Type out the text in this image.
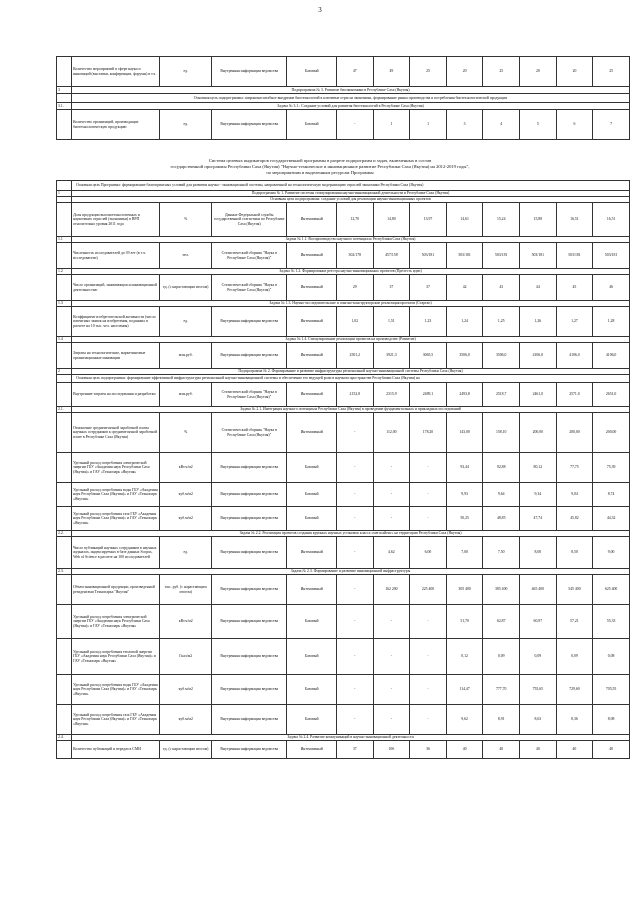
3
	Количество мероприятий в сфере науки и инноваций (выставки, конференции, форумы) в т.ч.	ед.	Внутренняя информация ведомства	Базовый	47	49	25	20	25	20	20	25
3	Подпрограмма № 3. Развитие биоэкономики в Республике Саха (Якутия)											
	Основная цель подпрограммы: широкомасштабное внедрение биотехнологий в ключевые отрасли экономики, формирование рынка производства и потребления биотехнологической продукции											
3.1.	Задача № 3.1.: Создание условий для развития биотехнологий в Республике Саха (Якутия)											
	Количество организаций, производящих биотехнологическую продукцию	ед.	Внутренняя информация ведомства	Базовый	-	1	1	3	4	5	6	7
Система целевых индикаторов государственной программы в разрезе подпрограмм и задач, включенных в состав
государственной программы Республики Саха (Якутия) "Научно-техническое и инновационное развитие Республики Саха (Якутия) на 2012-2019 годы",
по мероприятиям и выделенным ресурсам Программы
	Основная цель Программы: формирование благоприятных условий для развития научно - инновационной системы, направленной на технологическую модернизацию отраслей экономики Республики Саха (Якутия)											
1	Подпрограмма № 1. Развитие системы стимулирования научно-инновационной деятельности в Республике Саха (Якутия)											
	Основная цель подпрограммы: создание условий для реализации научно-инновационных проектов											
	Доля продукции высокотехнологичных и наукоемких отраслей (экономики) в ВРП относительно уровня 2011 года	%	Данные Федеральной службы государственной статистики по Республике Саха (Якутия)	Интенсивный	12,70	14,80	13,97	14,61	15,24	15,88	16,51	16,51
1.1	Задача № 1.1. Воспроизводство научного потенциала Республики Саха (Якутия)											
	Численность исследователей до 39 лет (в т.ч. исследователи)	чел.	Статистический сборник "Наука в Республике Саха (Якутия)"	Интенсивный	302/178	457/158	503/181	503/181	503/181	503/181	503/181	503/181
1.2	Задача № 1.2. Формирование реестра научно-инновационных проектов (Прелесть идеи)											
	Число организаций, занимающихся инновационной деятельностью	ед. (с нарастающим итогом)	Статистический сборник "Наука в Республике Саха (Якутия)"	Интенсивный	29	37	37	42	43	44	45	46
1.3	Задача № 1.3. Научно-исследовательские и опытно-конструкторские реализация проектов (Стартап)											
	Коэффициент изобретательской активности (число патентных заявок на изобретения, поданных в расчете на 10 тыс. чел. населения)	ед.	Внутренняя информация ведомства	Интенсивный	1,02	1,51	1,23	1,24	1,25	1,26	1,27	1,28
1.4	Задача № 1.4. Стимулирование реализации проектов на производстве (Развитие)											
	Затраты на технологические, маркетинговые организационные инновации	млн.руб.	Внутренняя информация ведомства	Интенсивный	2501,2	3921,3	3065,5	3506,0	3506,0	4106,0	4106,0	4106,0
2	Подпрограмма № 2. Формирование и развитие инфраструктуры региональной научно-инновационной системы Республики Саха (Якутия)											
	Основная цель подпрограммы: формирование эффективной инфраструктуры региональной научно-инновационной системы и обеспечение его ведущей роли в научном пространстве Республики Саха (Якутия) на											
	Внутренние затраты на исследования и разработки	млн.руб.	Статистический сборник "Наука в Республике Саха (Якутия)"	Интенсивный	2152,8	2315,9	2489,1	2493,8	2518,7	2461,0	2571,0	2651,0
2.1.	Задача № 2.1. Интеграция научного потенциала Республики Саха (Якутия) в проведение фундаментальных и прикладных исследований											
	Отношение среднемесячной заработной платы научных сотрудников к среднемесячной заработной плате в Республике Саха (Якутия)	%	Статистический сборник "Наука в Республике Саха (Якутия)"	Интенсивный	-	112,00	178,20	143,00	158,10	200,00	200,00	200,00
	Удельный расход потребления электрической энергии ГБУ «Академия наук Республики Саха (Якутия)» и ГАУ «Технопарк «Якутия»	кВт.ч/м2	Внутренняя информация ведомства	Базовый	-	-	-	93,44	92,88	80,12	77,75	75,39
	Удельный расход потребления воды ГБУ «Академия наук Республики Саха (Якутия)» и ГАУ «Технопарк «Якутия»	куб.м/м2	Внутренняя информация ведомства	Базовый	-	-	-	9,93	9,64	9,34	9,04	8,74
	Удельный расход потребления газа ГБУ «Академия наук Республики Саха (Якутия)» и ГАУ «Технопарк «Якутия»	куб.м/м2	Внутренняя информация ведомства	Базовый	-	-	-	50,25	48,85	47,74	45,82	44,32
2.2.	Задача № 2.2. Реализация проектов создания крупных научных установок класса «мегасайенс» на территории Республики Саха (Якутия)											
	Число публикаций научных сотрудников в научных журналах, индексируемых в базе данных Scopus, Web of Science в расчете на 100 исследователей	ед.	Внутренняя информация ведомства	Интенсивный	-	4,62	6,00	7,00	7,50	8,00	8,50	9,00
2.3.	Задача № 2.3. Формирование и развитие инновационной инфраструктуры											
	Объем инновационной продукции, произведенной резидентами Технопарка "Якутия"	тыс. руб. (с нарастающим итогом)	Внутренняя информация ведомства	Интенсивный	-	162 200	225 400	305 400	385 400	465 400	545 400	625 400
	Удельный расход потребления электрической энергии ГБУ «Академия наук Республики Саха (Якутия)» и ГАУ «Технопарк «Якутия»	кВт.ч/м2	Внутренняя информация ведомства	Базовый	-	-	-	51,70	62,87	60,97	57,21	55,33
	Удельный расход потребления тепловой энергии ГБУ «Академия наук Республики Саха (Якутия)» и ГАУ «Технопарк «Якутия»	Гкал/м2	Внутренняя информация ведомства	Базовый	-	-	-	0,12	0,09	0,09	0,09	0,08
	Удельный расход потребления воды ГБУ «Академия наук Республики Саха (Якутия)» и ГАУ «Технопарк «Якутия»	куб.м/м2	Внутренняя информация ведомства	Базовый	-	-	-	114,47	777,70	755,65	729,60	705,55
	Удельный расход потребления газа ГБУ «Академия наук Республики Саха (Якутия)» и ГАУ «Технопарк «Якутия»	куб.м/м2	Внутренняя информация ведомства	Базовый	-	-	-	9,62	8,91	8,63	8,36	8,08
2.4.	Задача № 2.4. Развитие коммуникаций в научно-инновационной деятельности											
	Количество публикаций и передач в СМИ	ед. (с нарастающим итогом)	Внутренняя информация ведомства	Интенсивный	37	106	36	40	40	40	40	40
